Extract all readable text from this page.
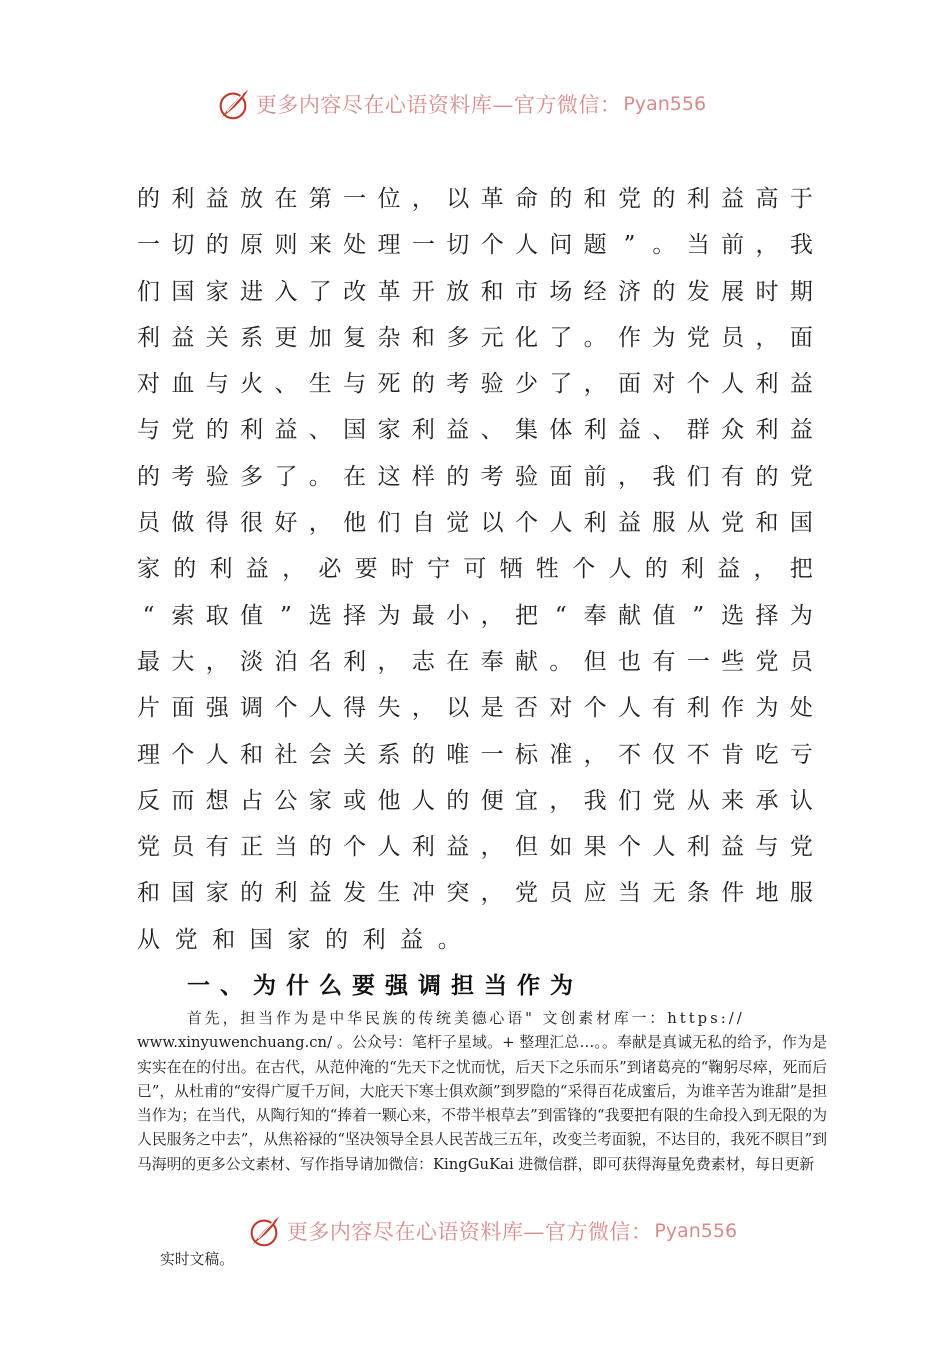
更多内容尽在心语资料库—官方微信： Pyan556
的 利 益 放 在 第 一 位 ， 以 革 命 的 和 党 的 利 益 高 于
一 切 的 原 则 来 处 理 一 切 个 人 问 题 ” 。 当 前 ， 我
们 国 家 进 入 了 改 革 开 放 和 市 场 经 济 的 发 展 时 期
利 益 关 系 更 加 复 杂 和 多 元 化 了 。 作 为 党 员 ， 面
对 血 与 火 、 生 与 死 的 考 验 少 了 ， 面 对 个 人 利 益
与 党 的 利 益 、 国 家 利 益 、 集 体 利 益 、 群 众 利 益
的 考 验 多 了 。 在 这 样 的 考 验 面 前 ， 我 们 有 的 党
员 做 得 很 好 ， 他 们 自 觉 以 个 人 利 益 服 从 党 和 国
家 的 利 益 ， 必 要 时 宁 可 牺 牲 个 人 的 利 益 ， 把
“ 索 取 值 ” 选 择 为 最 小 ， 把 “ 奉 献 值 ” 选 择 为
最 大 ， 淡 泊 名 利 ， 志 在 奉 献 。 但 也 有 一 些 党 员
片 面 强 调 个 人 得 失 ， 以 是 否 对 个 人 有 利 作 为 处
理 个 人 和 社 会 关 系 的 唯 一 标 准 ， 不 仅 不 肯 吃 亏
反 而 想 占 公 家 或 他 人 的 便 宜 ， 我 们 党 从 来 承 认
党 员 有 正 当 的 个 人 利 益 ， 但 如 果 个 人 利 益 与 党
和 国 家 的 利 益 发 生 冲 突 ， 党 员 应 当 无 条 件 地 服
从 党 和 国 家 的 利 益 。
一、为什么要强调担当作为

首先，担当作为是中华民族的传统美德心语" 文创素材库一：https://

www.xinyuwenchuang.cn/ 。公众号：笔杆子星域。+ 整理汇总…。。奉献是真诚无私的给予，作为是实实在在的付出。在古代，从范仲淹的“先天下之忧而忧，后天下之乐而乐”到诸葛亮的“鞠躬尽瘁，死而后已”，从杜甫的“安得广厦千万间，大庇天下寒士俱欢颜”到罗隐的“采得百花成蜜后，为谁辛苦为谁甜”是担当作为；在当代，从陶行知的“捧着一颗心来，不带半根草去”到雷锋的“我要把有限的生命投入到无限的为人民服务之中去”，从焦裕禄的“坚决领导全县人民苦战三五年，改变兰考面貌，不达目的，我死不瞑目”到马海明的更多公文素材、写作指导请加微信：KingGuKai 进微信群，即可获得海量免费素材，每日更新

更多内容尽在心语资料库—官方微信： Pyan556
实时文稿。
